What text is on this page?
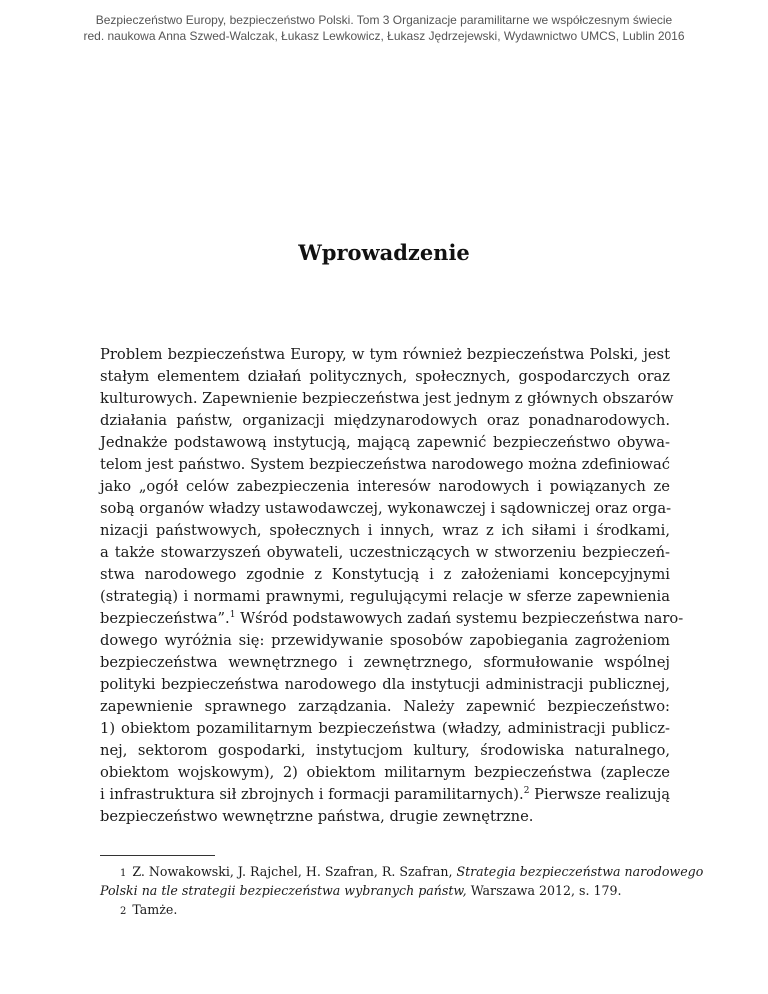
Bezpieczeństwo Europy, bezpieczeństwo Polski. Tom 3 Organizacje paramilitarne we współczesnym świecie
red. naukowa Anna Szwed-Walczak, Łukasz Lewkowicz, Łukasz Jędrzejewski, Wydawnictwo UMCS, Lublin 2016
Wprowadzenie
Problem bezpieczeństwa Europy, w tym również bezpieczeństwa Polski, jest
stałym elementem działań politycznych, społecznych, gospodarczych oraz
kulturowych. Zapewnienie bezpieczeństwa jest jednym z głównych obszarów
działania państw, organizacji międzynarodowych oraz ponadnarodowych.
Jednakże podstawową instytucją, mającą zapewnić bezpieczeństwo obywa-
telom jest państwo. System bezpieczeństwa narodowego można zdefiniować
jako „ogół celów zabezpieczenia interesów narodowych i powiązanych ze
sobą organów władzy ustawodawczej, wykonawczej i sądowniczej oraz orga-
nizacji państwowych, społecznych i innych, wraz z ich siłami i środkami,
a także stowarzyszeń obywateli, uczestniczących w stworzeniu bezpieczeń-
stwa narodowego zgodnie z Konstytucją i z założeniami koncepcyjnymi
(strategią) i normami prawnymi, regulującymi relacje w sferze zapewnienia
bezpieczeństwa”.$^1$ Wśród podstawowych zadań systemu bezpieczeństwa naro-
dowego wyróżnia się: przewidywanie sposobów zapobiegania zagrożeniom
bezpieczeństwa wewnętrznego i zewnętrznego, sformułowanie wspólnej
polityki bezpieczeństwa narodowego dla instytucji administracji publicznej,
zapewnienie sprawnego zarządzania. Należy zapewnić bezpieczeństwo:
1) obiektom pozamilitarnym bezpieczeństwa (władzy, administracji publicz-
nej, sektorom gospodarki, instytucjom kultury, środowiska naturalnego,
obiektom wojskowym), 2) obiektom militarnym bezpieczeństwa (zaplecze
i infrastruktura sił zbrojnych i formacji paramilitarnych).$^2$ Pierwsze realizują
bezpieczeństwo wewnętrzne państwa, drugie zewnętrzne.
1 Z. Nowakowski, J. Rajchel, H. Szafran, R. Szafran, Strategia bezpieczeństwa narodowego
Polski na tle strategii bezpieczeństwa wybranych państw, Warszawa 2012, s. 179.
2 Tamże.
